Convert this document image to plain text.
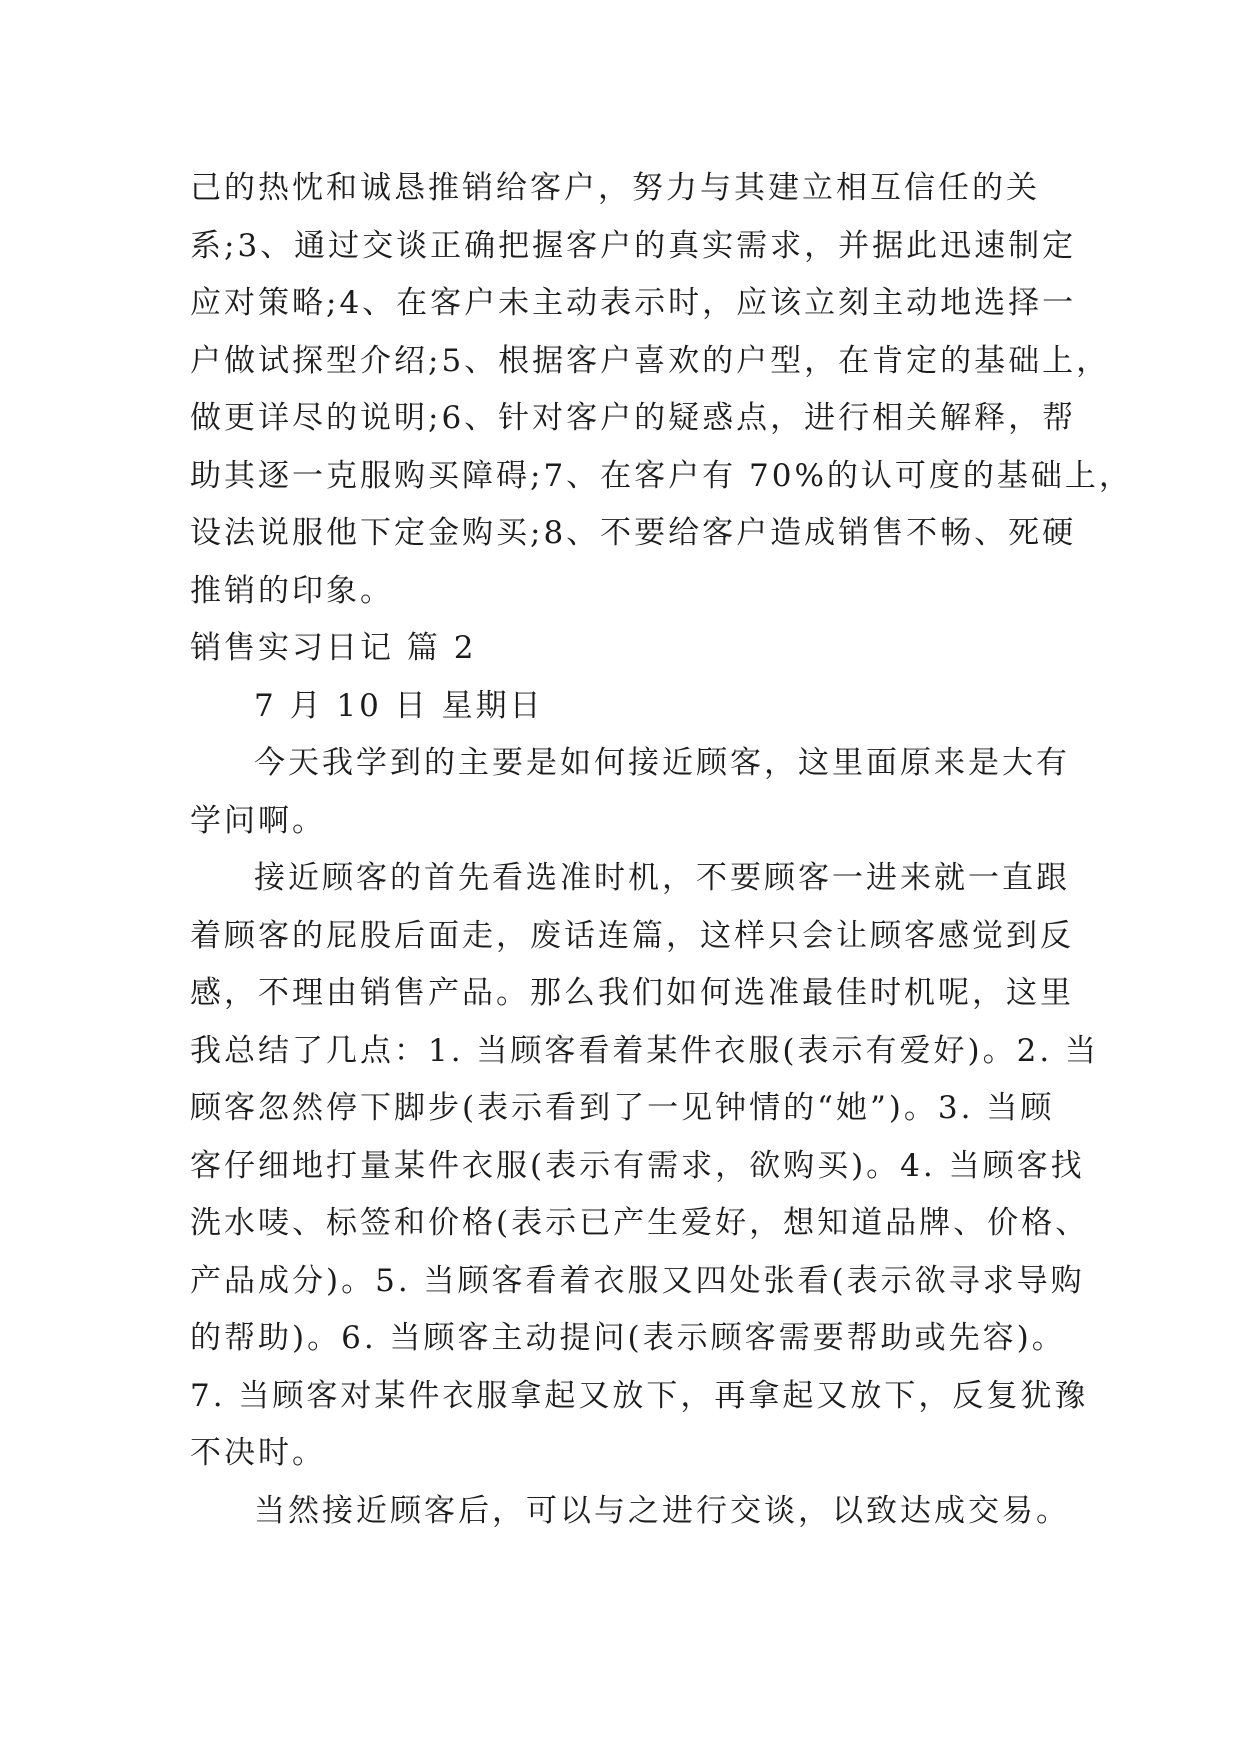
己的热忱和诚恳推销给客户，努力与其建立相互信任的关
系;3、通过交谈正确把握客户的真实需求，并据此迅速制定
应对策略;4、在客户未主动表示时，应该立刻主动地选择一
户做试探型介绍;5、根据客户喜欢的户型，在肯定的基础上，
做更详尽的说明;6、针对客户的疑惑点，进行相关解释，帮
助其逐一克服购买障碍;7、在客户有 70%的认可度的基础上，
设法说服他下定金购买;8、不要给客户造成销售不畅、死硬
推销的印象。
销售实习日记 篇 2
7 月 10 日 星期日
今天我学到的主要是如何接近顾客，这里面原来是大有
学问啊。
接近顾客的首先看选准时机，不要顾客一进来就一直跟
着顾客的屁股后面走，废话连篇，这样只会让顾客感觉到反
感，不理由销售产品。那么我们如何选准最佳时机呢，这里
我总结了几点：1. 当顾客看着某件衣服(表示有爱好)。2. 当
顾客忽然停下脚步(表示看到了一见钟情的“她”)。3. 当顾
客仔细地打量某件衣服(表示有需求，欲购买)。4. 当顾客找
洗水唛、标签和价格(表示已产生爱好，想知道品牌、价格、
产品成分)。5. 当顾客看着衣服又四处张看(表示欲寻求导购
的帮助)。6. 当顾客主动提问(表示顾客需要帮助或先容)。
7. 当顾客对某件衣服拿起又放下，再拿起又放下，反复犹豫
不决时。
当然接近顾客后，可以与之进行交谈，以致达成交易。
